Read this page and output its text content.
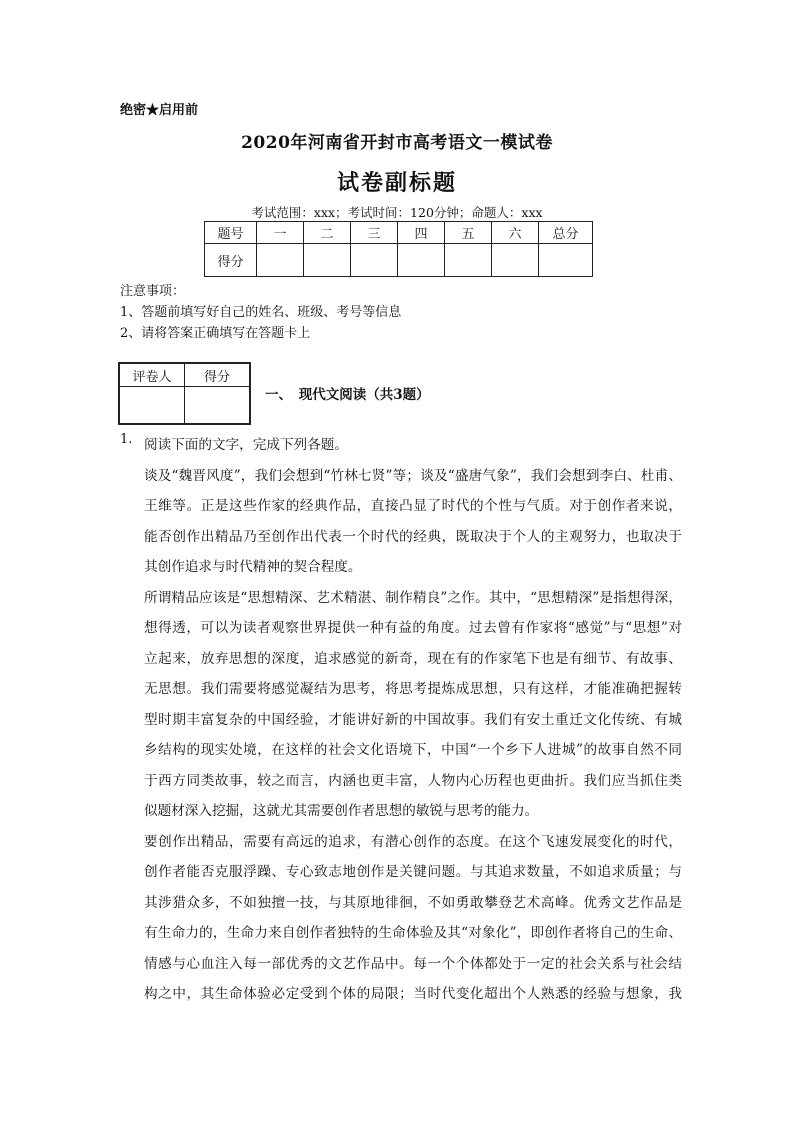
绝密★启用前
2020年河南省开封市高考语文一模试卷
试卷副标题
考试范围：xxx；考试时间：120分钟；命题人：xxx
题号	一	二	三	四	五	六	总分
得分							
注意事项：
1、答题前填写好自己的姓名、班级、考号等信息
2、请将答案正确填写在答题卡上
评卷人	得分

一、　现代文阅读（共3题）
1. 阅读下面的文字，完成下列各题。
谈及“魏晋风度”，我们会想到“竹林七贤”等；谈及“盛唐气象”，我们会想到李白、杜甫、
王维等。正是这些作家的经典作品，直接凸显了时代的个性与气质。对于创作者来说，
能否创作出精品乃至创作出代表一个时代的经典，既取决于个人的主观努力，也取决于
其创作追求与时代精神的契合程度。
所谓精品应该是“思想精深、艺术精湛、制作精良”之作。其中，“思想精深”是指想得深，
想得透，可以为读者观察世界提供一种有益的角度。过去曾有作家将“感觉”与“思想”对
立起来，放弃思想的深度，追求感觉的新奇，现在有的作家笔下也是有细节、有故事、
无思想。我们需要将感觉凝结为思考，将思考提炼成思想，只有这样，才能准确把握转
型时期丰富复杂的中国经验，才能讲好新的中国故事。我们有安土重迁文化传统、有城
乡结构的现实处境，在这样的社会文化语境下，中国“一个乡下人进城”的故事自然不同
于西方同类故事，较之而言，内涵也更丰富，人物内心历程也更曲折。我们应当抓住类
似题材深入挖掘，这就尤其需要创作者思想的敏锐与思考的能力。
要创作出精品，需要有高远的追求，有潜心创作的态度。在这个飞速发展变化的时代，
创作者能否克服浮躁、专心致志地创作是关键问题。与其追求数量，不如追求质量；与
其涉猎众多，不如独擅一技，与其原地徘徊，不如勇敢攀登艺术高峰。优秀文艺作品是
有生命力的，生命力来自创作者独特的生命体验及其“对象化”，即创作者将自己的生命、
情感与心血注入每一部优秀的文艺作品中。每一个个体都处于一定的社会关系与社会结
构之中，其生命体验必定受到个体的局限；当时代变化超出个人熟悉的经验与想象，我
